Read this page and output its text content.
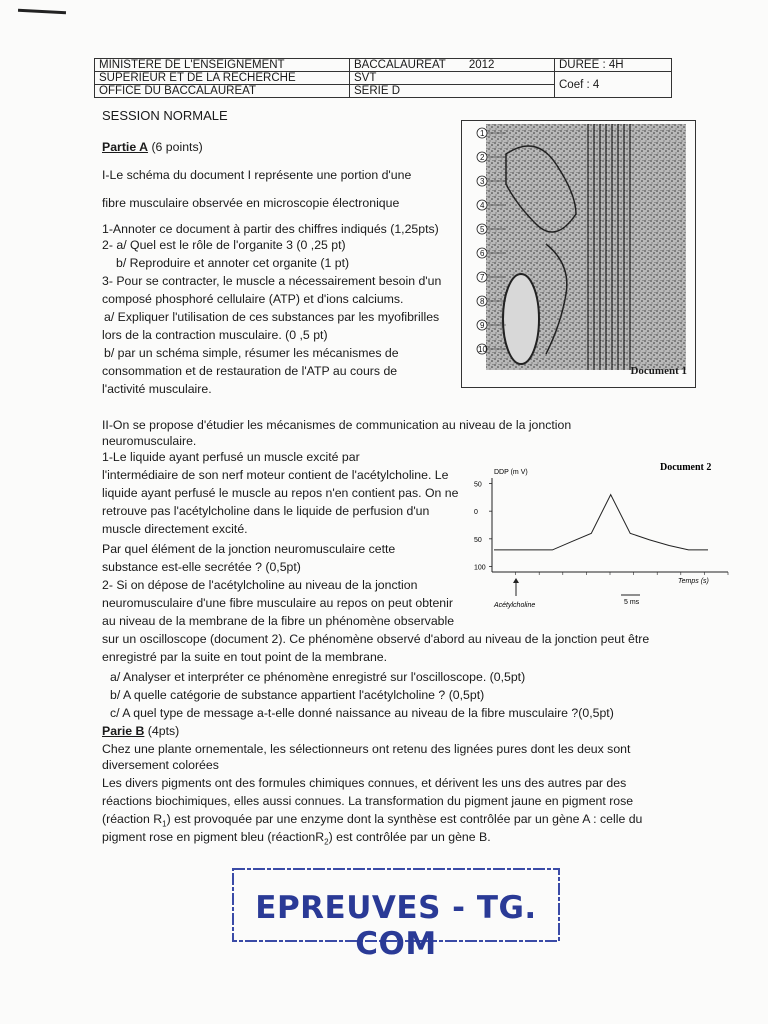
MINISTERE DE L'ENSEIGNEMENT	BACCALAUREAT 2012	DUREE : 4H
SUPERIEUR ET DE LA RECHERCHE	SVT	Coef : 4
OFFICE DU BACCALAUREAT	SERIE D	
SESSION NORMALE
Partie A (6 points)
I-Le schéma du document I représente une portion d'une
fibre musculaire observée en microscopie électronique
1-Annoter ce document à partir des chiffres indiqués (1,25pts)
2- a/ Quel est le rôle de l'organite 3 (0 ,25 pt)
b/ Reproduire et annoter cet organite (1 pt)
3- Pour se contracter, le muscle a nécessairement besoin d'un
composé phosphoré cellulaire (ATP) et d'ions calciums.
a/ Expliquer l'utilisation de ces substances par les myofibrilles
lors de la contraction musculaire. (0 ,5 pt)
b/ par un schéma simple, résumer les mécanismes de
consommation et de restauration de l'ATP au cours de
l'activité musculaire.
II-On se propose d'étudier les mécanismes de communication au niveau de la jonction
neuromusculaire.
1-Le liquide ayant perfusé un muscle excité par
l'intermédiaire de son nerf moteur contient de l'acétylcholine. Le
liquide ayant perfusé le muscle au repos n'en contient pas. On ne
retrouve pas l'acétylcholine dans le liquide de perfusion d'un
muscle directement excité.
Par quel élément de la jonction neuromusculaire cette
substance est-elle secrétée ? (0,5pt)
2- Si on dépose de l'acétylcholine au niveau de la jonction
neuromusculaire d'une fibre musculaire au repos on peut obtenir
au niveau de la membrane de la fibre un phénomène observable
sur un oscilloscope (document 2). Ce phénomène observé d'abord au niveau de la jonction peut être
enregistré par la suite en tout point de la membrane.
a/ Analyser et interpréter ce phénomène enregistré sur l'oscilloscope. (0,5pt)
b/ A quelle catégorie de substance appartient l'acétylcholine ? (0,5pt)
c/ A quel type de message a-t-elle donné naissance au niveau de la fibre musculaire ?(0,5pt)
Parie B (4pts)
Chez une plante ornementale, les sélectionneurs ont retenu des lignées pures dont les deux sont
diversement colorées
Les divers pigments ont des formules chimiques connues, et dérivent les uns des autres par des
réactions biochimiques, elles aussi connues. La transformation du pigment jaune en pigment rose
(réaction $R_1$) est provoquée par une enzyme dont la synthèse est contrôlée par un gène A : celle du
pigment rose en pigment bleu (réactionR$_2$) est contrôlée par un gène B.
1
2
3
4
5
6
7
8
9
10
Document 1
Document 2
DDP (m V)
50
0
50
100
Temps (s)
Acétylcholine	5 ms
EPREUVES - TG. COM
